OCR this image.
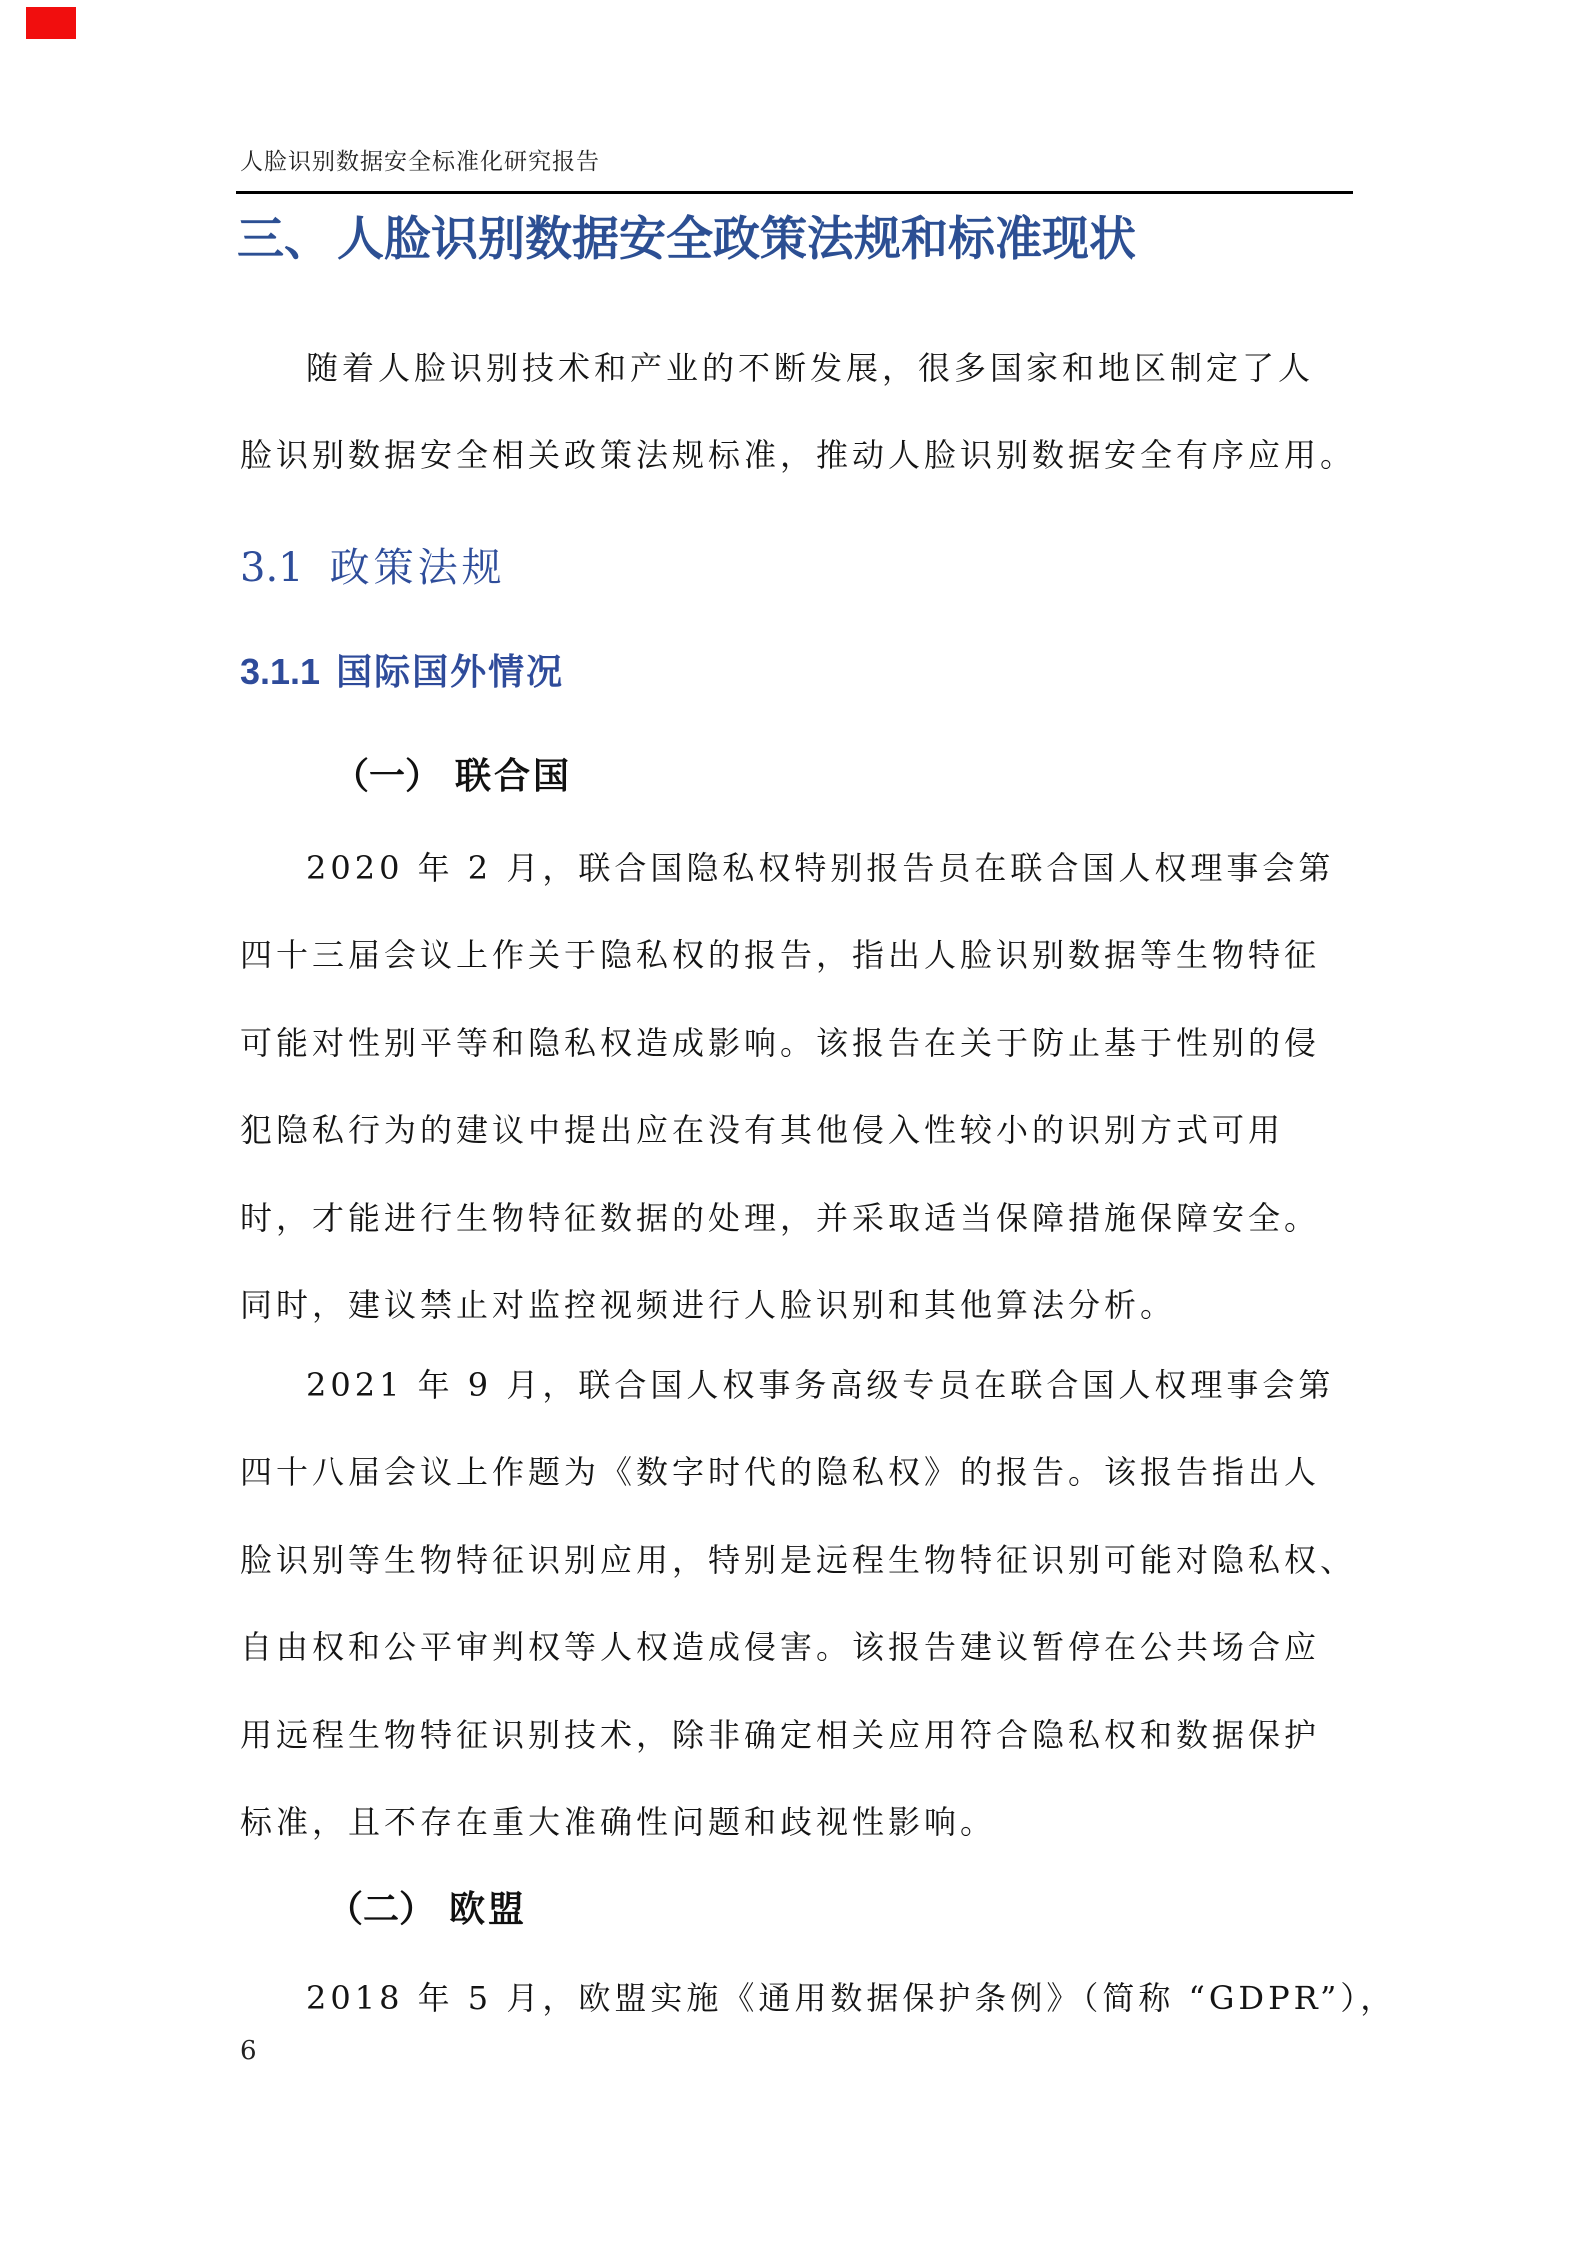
人脸识别数据安全标准化研究报告
三、 人脸识别数据安全政策法规和标准现状
随着人脸识别技术和产业的不断发展，很多国家和地区制定了人
脸识别数据安全相关政策法规标准，推动人脸识别数据安全有序应用。
3.1 政策法规
3.1.1 国际国外情况
（一） 联合国
2020 年 2 月，联合国隐私权特别报告员在联合国人权理事会第
四十三届会议上作关于隐私权的报告，指出人脸识别数据等生物特征
可能对性别平等和隐私权造成影响。该报告在关于防止基于性别的侵
犯隐私行为的建议中提出应在没有其他侵入性较小的识别方式可用
时，才能进行生物特征数据的处理，并采取适当保障措施保障安全。
同时，建议禁止对监控视频进行人脸识别和其他算法分析。
2021 年 9 月，联合国人权事务高级专员在联合国人权理事会第
四十八届会议上作题为《数字时代的隐私权》的报告。该报告指出人
脸识别等生物特征识别应用，特别是远程生物特征识别可能对隐私权、
自由权和公平审判权等人权造成侵害。该报告建议暂停在公共场合应
用远程生物特征识别技术，除非确定相关应用符合隐私权和数据保护
标准，且不存在重大准确性问题和歧视性影响。
（二） 欧盟
2018 年 5 月，欧盟实施《通用数据保护条例》（简称 “GDPR”），
6
